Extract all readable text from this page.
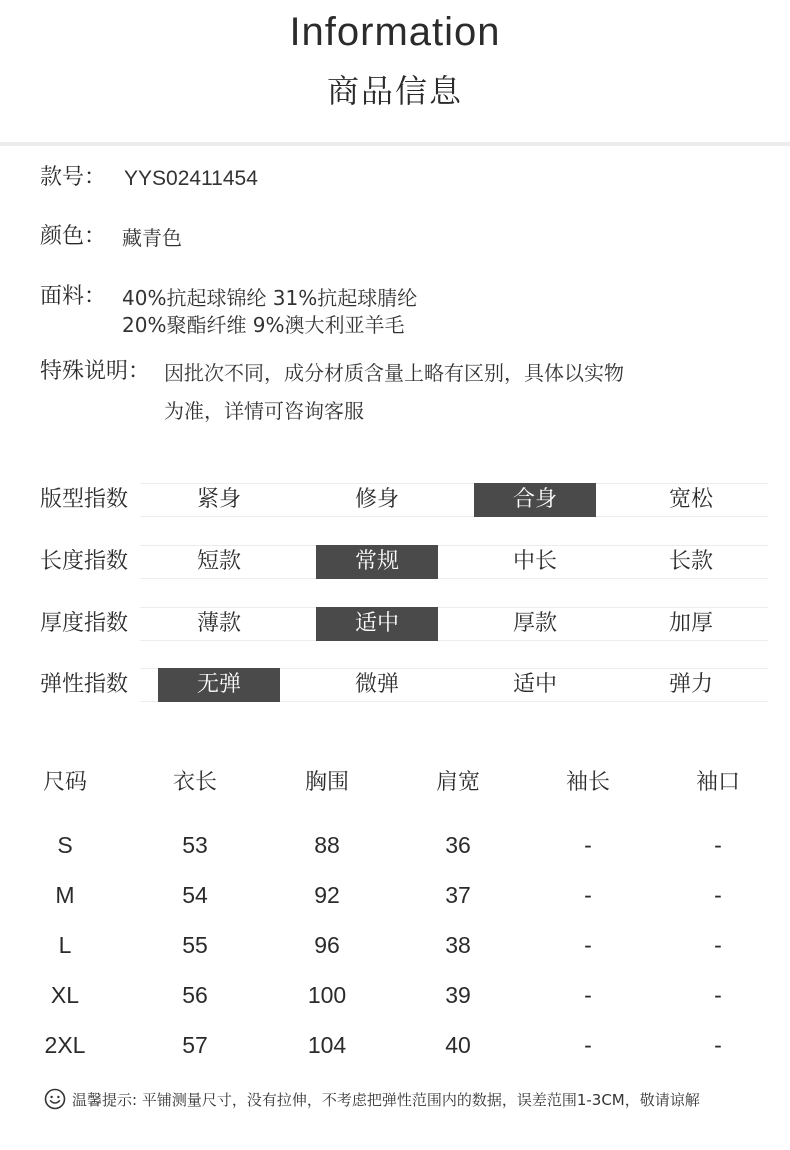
Information
商品信息
款号： YYS02411454
颜色： 藏青色
面料： 40%抗起球锦纶 31%抗起球腈纶
20%聚酯纤维 9%澳大利亚羊毛
特殊说明： 因批次不同，成分材质含量上略有区别，具体以实物
为准，详情可咨询客服
版型指数	紧身	修身	合身	宽松
长度指数	短款	常规	中长	长款
厚度指数	薄款	适中	厚款	加厚
弹性指数	无弹	微弹	适中	弹力
尺码	衣长	胸围	肩宽	袖长	袖口
S	53	88	36	-	-
M	54	92	37	-	-
L	55	96	38	-	-
XL	56	100	39	-	-
2XL	57	104	40	-	-
温馨提示: 平铺测量尺寸，没有拉伸，不考虑把弹性范围内的数据，误差范围1-3CM，敬请谅解
